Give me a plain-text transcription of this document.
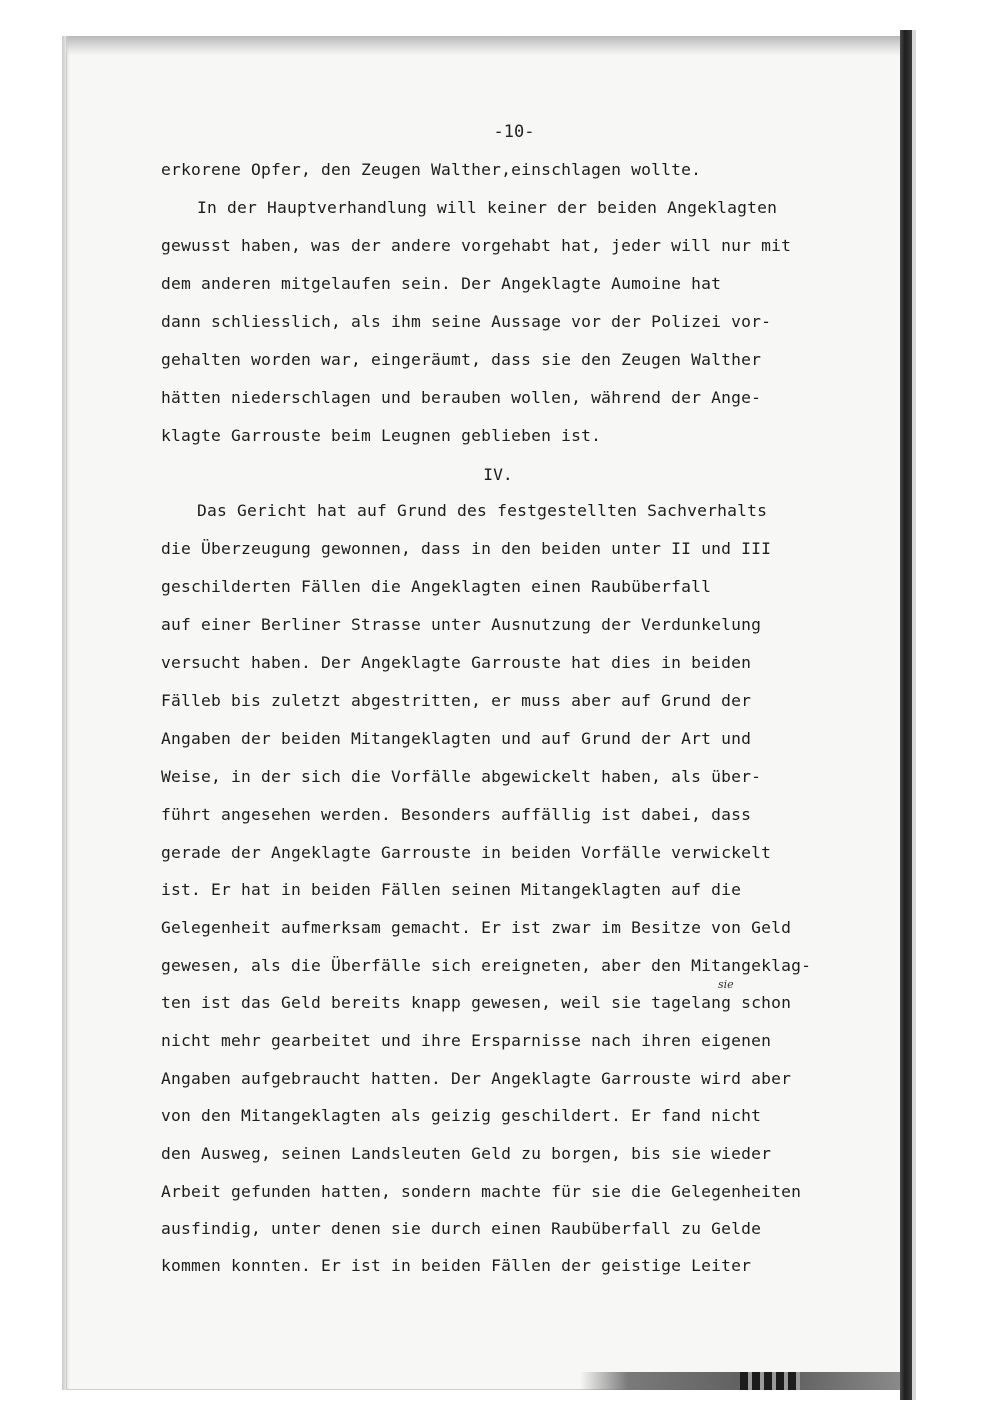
-10-
erkorene Opfer, den Zeugen Walther,einschlagen wollte.
In der Hauptverhandlung will keiner der beiden Angeklagten
gewusst haben, was der andere vorgehabt hat, jeder will nur mit
dem anderen mitgelaufen sein. Der Angeklagte Aumoine hat
dann schliesslich, als ihm seine Aussage vor der Polizei vor-
gehalten worden war, eingeräumt, dass sie den Zeugen Walther
hätten niederschlagen und berauben wollen, während der Ange-
klagte Garrouste beim Leugnen geblieben ist.
IV.
Das Gericht hat auf Grund des festgestellten Sachverhalts
die Überzeugung gewonnen, dass in den beiden unter II und III
geschilderten Fällen die Angeklagten einen Raubüberfall
auf einer Berliner Strasse unter Ausnutzung der Verdunkelung
versucht haben. Der Angeklagte Garrouste hat dies in beiden
Fälleb bis zuletzt abgestritten, er muss aber auf Grund der
Angaben der beiden Mitangeklagten und auf Grund der Art und
Weise, in der sich die Vorfälle abgewickelt haben, als über-
führt angesehen werden. Besonders auffällig ist dabei, dass
gerade der Angeklagte Garrouste in beiden Vorfälle verwickelt
ist. Er hat in beiden Fällen seinen Mitangeklagten auf die
Gelegenheit aufmerksam gemacht. Er ist zwar im Besitze von Geld
gewesen, als die Überfälle sich ereigneten, aber den Mitangeklag-
sie
ten ist das Geld bereits knapp gewesen, weil sie tagelang schon
nicht mehr gearbeitet und ihre Ersparnisse nach ihren eigenen
Angaben aufgebraucht hatten. Der Angeklagte Garrouste wird aber
von den Mitangeklagten als geizig geschildert. Er fand nicht
den Ausweg, seinen Landsleuten Geld zu borgen, bis sie wieder
Arbeit gefunden hatten, sondern machte für sie die Gelegenheiten
ausfindig, unter denen sie durch einen Raubüberfall zu Gelde
kommen konnten. Er ist in beiden Fällen der geistige Leiter
